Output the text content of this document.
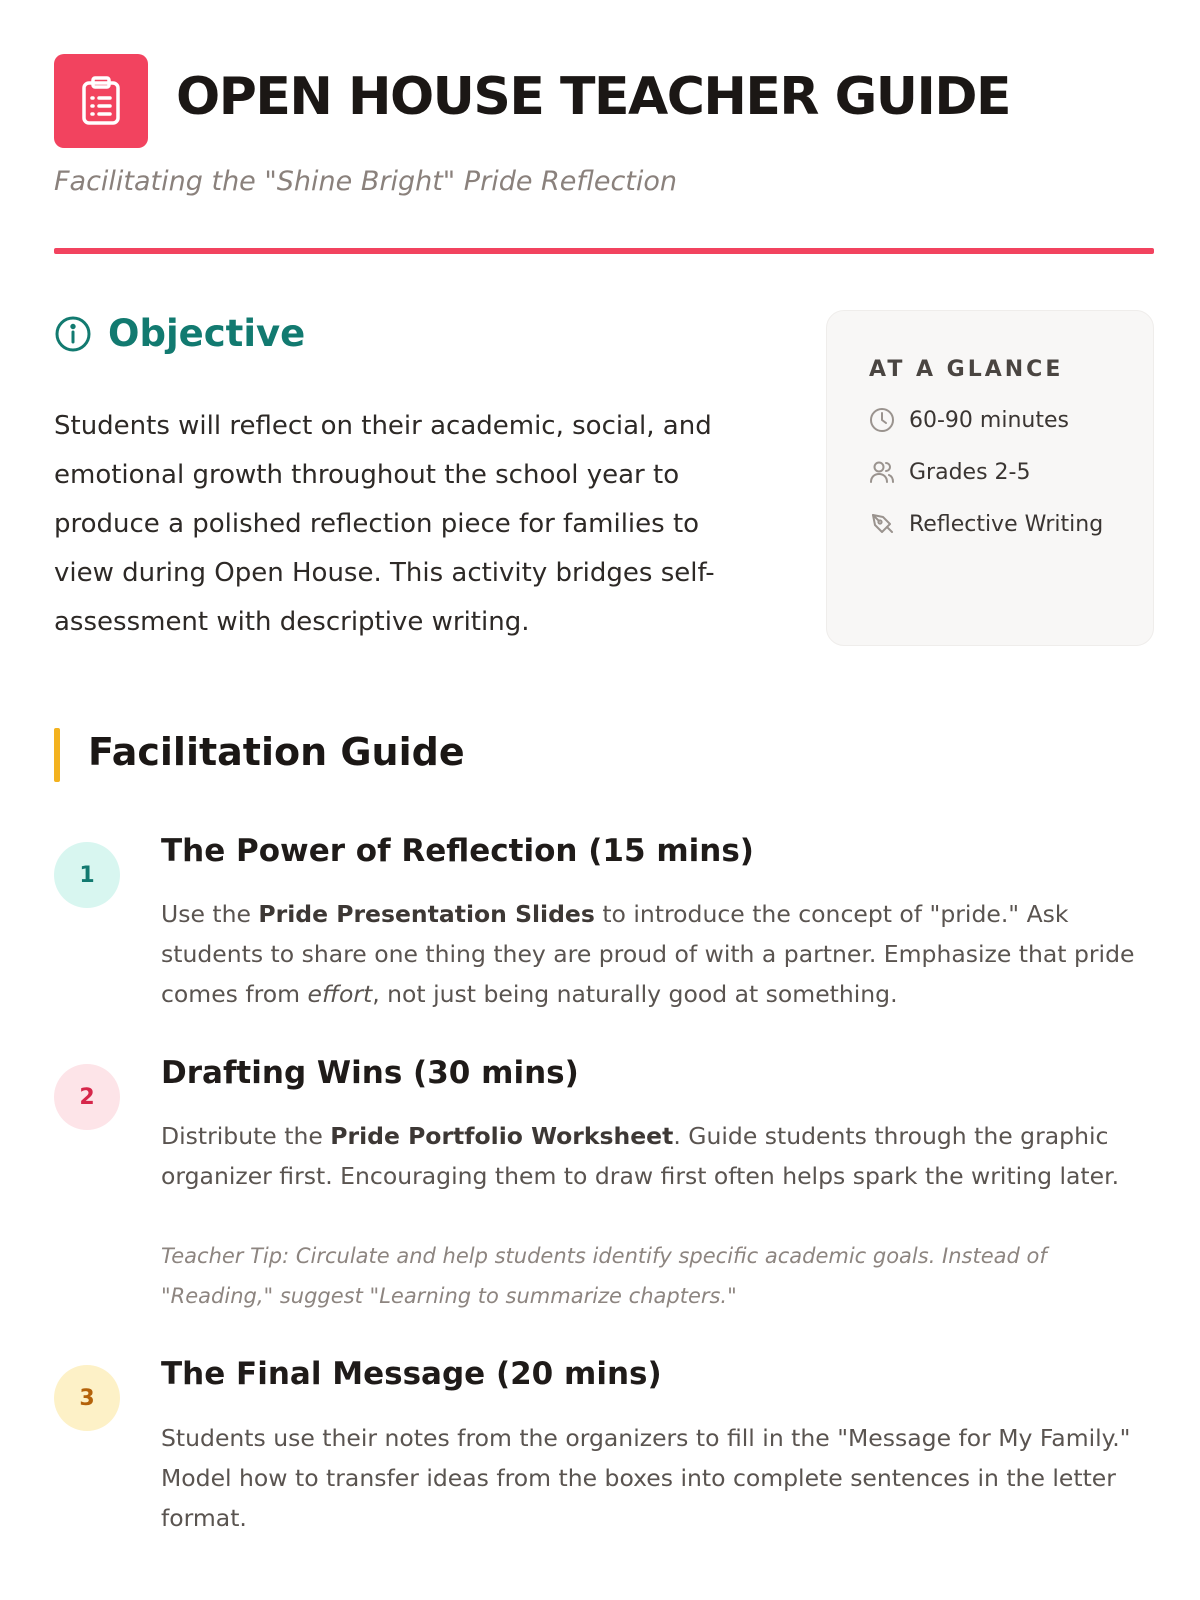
OPEN HOUSE TEACHER GUIDE
Facilitating the "Shine Bright" Pride Reflection
Objective

Students will reflect on their academic, social, and emotional growth throughout the school year to produce a polished reflection piece for families to view during Open House. This activity bridges self-assessment with descriptive writing.

AT A GLANCE
60-90 minutes
Grades 2-5
Reflective Writing
Facilitation Guide
1
The Power of Reflection (15 mins)

Use the Pride Presentation Slides to introduce the concept of "pride." Ask students to share one thing they are proud of with a partner. Emphasize that pride comes from effort, not just being naturally good at something.

2
Drafting Wins (30 mins)

Distribute the Pride Portfolio Worksheet. Guide students through the graphic organizer first. Encouraging them to draw first often helps spark the writing later.

Teacher Tip: Circulate and help students identify specific academic goals. Instead of "Reading," suggest "Learning to summarize chapters."

3
The Final Message (20 mins)

Students use their notes from the organizers to fill in the "Message for My Family." Model how to transfer ideas from the boxes into complete sentences in the letter format.
